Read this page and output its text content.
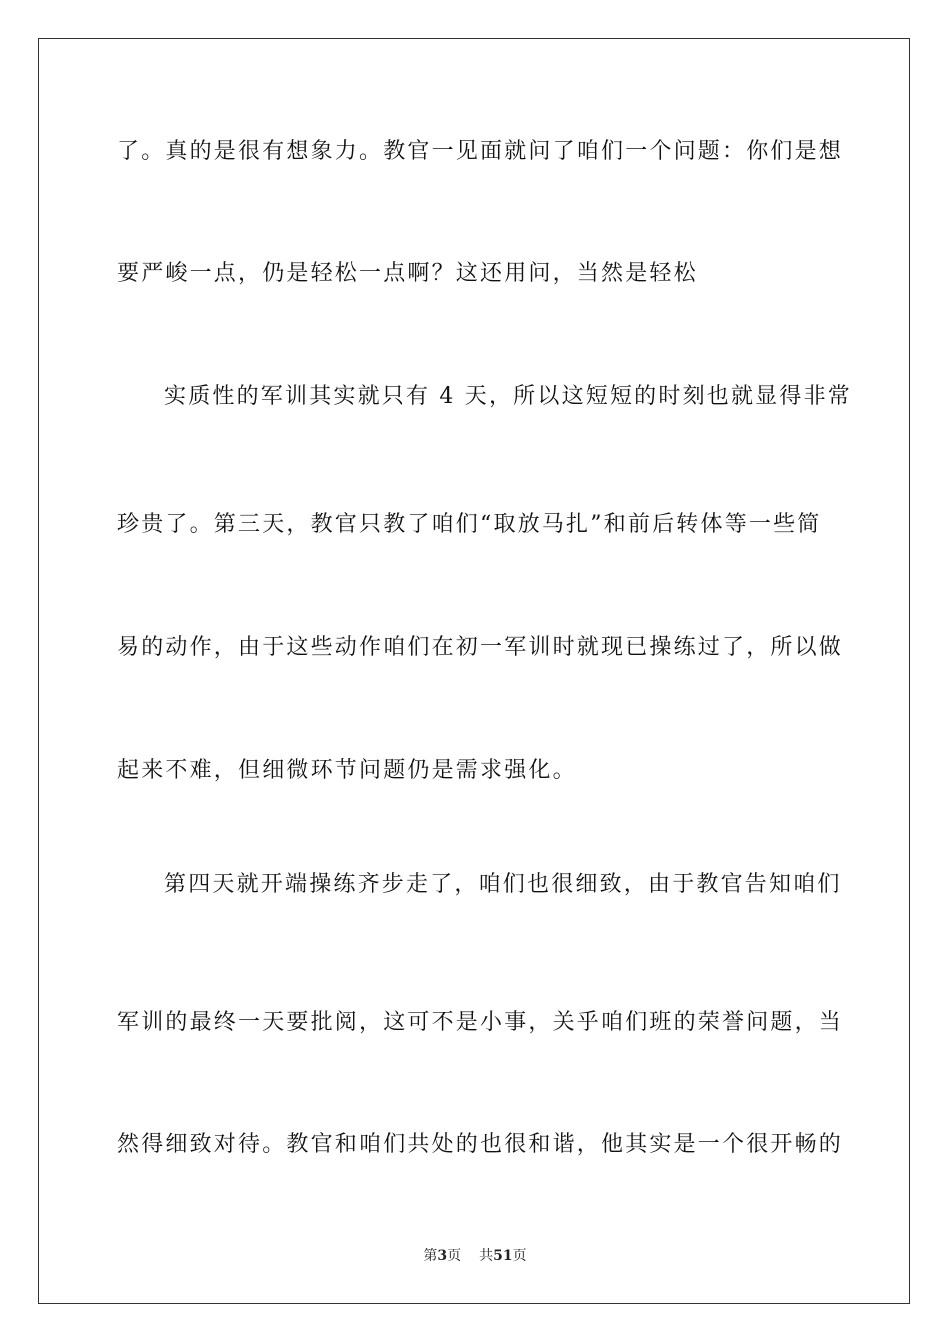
了。真的是很有想象力。教官一见面就问了咱们一个问题：你们是想
要严峻一点，仍是轻松一点啊？这还用问，当然是轻松
实质性的军训其实就只有 4 天，所以这短短的时刻也就显得非常
珍贵了。第三天，教官只教了咱们“取放马扎”和前后转体等一些简
易的动作，由于这些动作咱们在初一军训时就现已操练过了，所以做
起来不难，但细微环节问题仍是需求强化。
第四天就开端操练齐步走了，咱们也很细致，由于教官告知咱们
军训的最终一天要批阅，这可不是小事，关乎咱们班的荣誉问题，当
然得细致对待。教官和咱们共处的也很和谐，他其实是一个很开畅的
第3页 共51页
